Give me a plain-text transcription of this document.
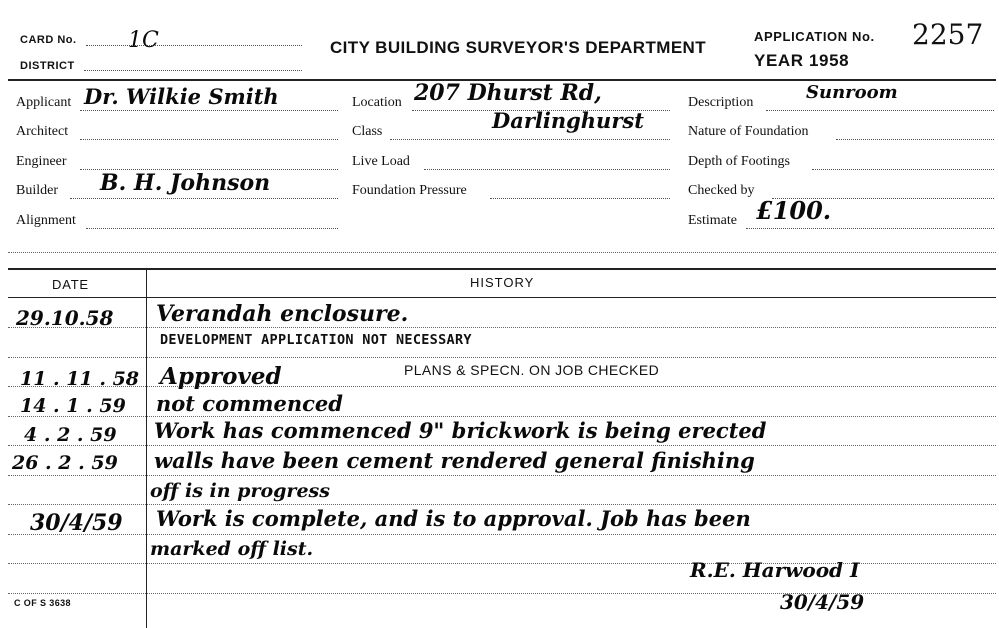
CARD No. 1C
DISTRICT
CITY BUILDING SURVEYOR'S DEPARTMENT
APPLICATION No. 2257
YEAR 1958
Applicant Dr. Wilkie Smith
Architect
Engineer
Builder B. H. Johnson
Alignment
Location 207 Dhurst Rd,
Class	Darlinghurst
Live Load
Foundation Pressure
Description	Sunroom
Nature of Foundation
Depth of Footings
Checked by
Estimate £100.
DATE	HISTORY
29.10.58 Verandah enclosure.
DEVELOPMENT APPLICATION NOT NECESSARY
PLANS & SPECN. ON JOB CHECKED
11 . 11 . 58 Approved
14 . 1 . 59 not commenced
4 . 2 . 59 Work has commenced 9" brickwork is being erected
26 . 2 . 59 walls have been cement rendered general finishing
off is in progress
30/4/59 Work is complete, and is to approval. Job has been
marked off list.
R.E. Harwood I
30/4/59
C OF S 3638
